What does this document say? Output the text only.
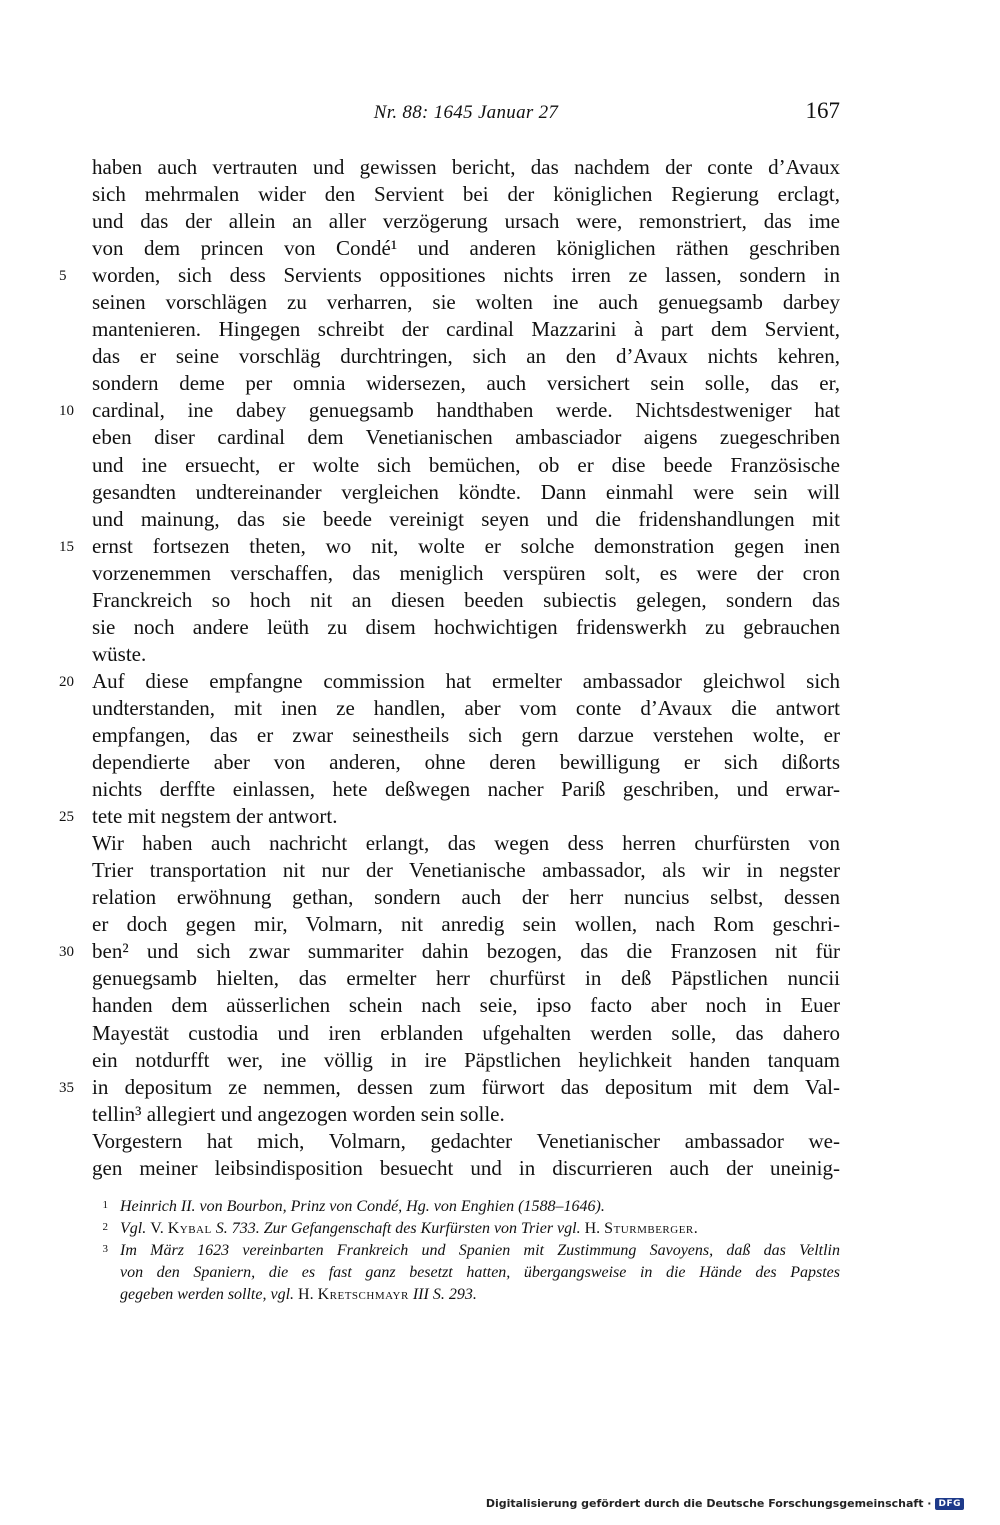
Nr. 88: 1645 Januar 27	167
haben auch vertrauten und gewissen bericht, das nachdem der conte d’Avaux
sich mehrmalen wider den Servient bei der königlichen Regierung erclagt,
und das der allein an aller verzögerung ursach were, remonstriert, das ime
von dem princen von Condé¹ und anderen königlichen räthen geschriben
5	worden, sich dess Servients oppositiones nichts irren ze lassen, sondern in
seinen vorschlägen zu verharren, sie wolten ine auch genuegsamb darbey
mantenieren. Hingegen schreibt der cardinal Mazzarini à part dem Servient,
das er seine vorschläg durchtringen, sich an den d’Avaux nichts kehren,
sondern deme per omnia widersezen, auch versichert sein solle, das er,
10 cardinal, ine dabey genuegsamb handthaben werde. Nichtsdestweniger hat
eben diser cardinal dem Venetianischen ambasciador aigens zuegeschriben
und ine ersuecht, er wolte sich bemüchen, ob er dise beede Französische
gesandten undtereinander vergleichen köndte. Dann einmahl were sein will
und mainung, das sie beede vereinigt seyen und die fridenshandlungen mit
15 ernst fortsezen theten, wo nit, wolte er solche demonstration gegen inen
vorzenemmen verschaffen, das meniglich verspüren solt, es were der cron
Franckreich so hoch nit an diesen beeden subiectis gelegen, sondern das
sie noch andere leüth zu disem hochwichtigen fridenswerkh zu gebrauchen
wüste.
20 Auf diese empfangne commission hat ermelter ambassador gleichwol sich
undterstanden, mit inen ze handlen, aber vom conte d’Avaux die antwort
empfangen, das er zwar seinestheils sich gern darzue verstehen wolte, er
dependierte aber von anderen, ohne deren bewilligung er sich dißorts
nichts derffte einlassen, hete deßwegen nacher Pariß geschriben, und erwar-
25 tete mit negstem der antwort.
Wir haben auch nachricht erlangt, das wegen dess herren churfürsten von
Trier transportation nit nur der Venetianische ambassador, als wir in negster
relation erwöhnung gethan, sondern auch der herr nuncius selbst, dessen
er doch gegen mir, Volmarn, nit anredig sein wollen, nach Rom geschri-
30 ben² und sich zwar summariter dahin bezogen, das die Franzosen nit für
genuegsamb hielten, das ermelter herr churfürst in deß Päpstlichen nuncii
handen dem aüsserlichen schein nach seie, ipso facto aber noch in Euer
Mayestät custodia und iren erblanden ufgehalten werden solle, das dahero
ein notdurfft wer, ine völlig in ire Päpstlichen heylichkeit handen tanquam
35 in depositum ze nemmen, dessen zum fürwort das depositum mit dem Val-
tellin³ allegiert und angezogen worden sein solle.
Vorgestern hat mich, Volmarn, gedachter Venetianischer ambassador we-
gen meiner leibsindisposition besuecht und in discurrieren auch der uneinig-
1 Heinrich II. von Bourbon, Prinz von Condé, Hg. von Enghien (1588–1646).
2 Vgl. V. Kybal S. 733. Zur Gefangenschaft des Kurfürsten von Trier vgl. H. Sturmberger.
3 Im März 1623 vereinbarten Frankreich und Spanien mit Zustimmung Savoyens, daß das Veltlin
von den Spaniern, die es fast ganz besetzt hatten, übergangsweise in die Hände des Papstes
gegeben werden sollte, vgl. H. Kretschmayr III S. 293.
Digitalisierung gefördert durch die Deutsche Forschungsgemeinschaft · DFG
